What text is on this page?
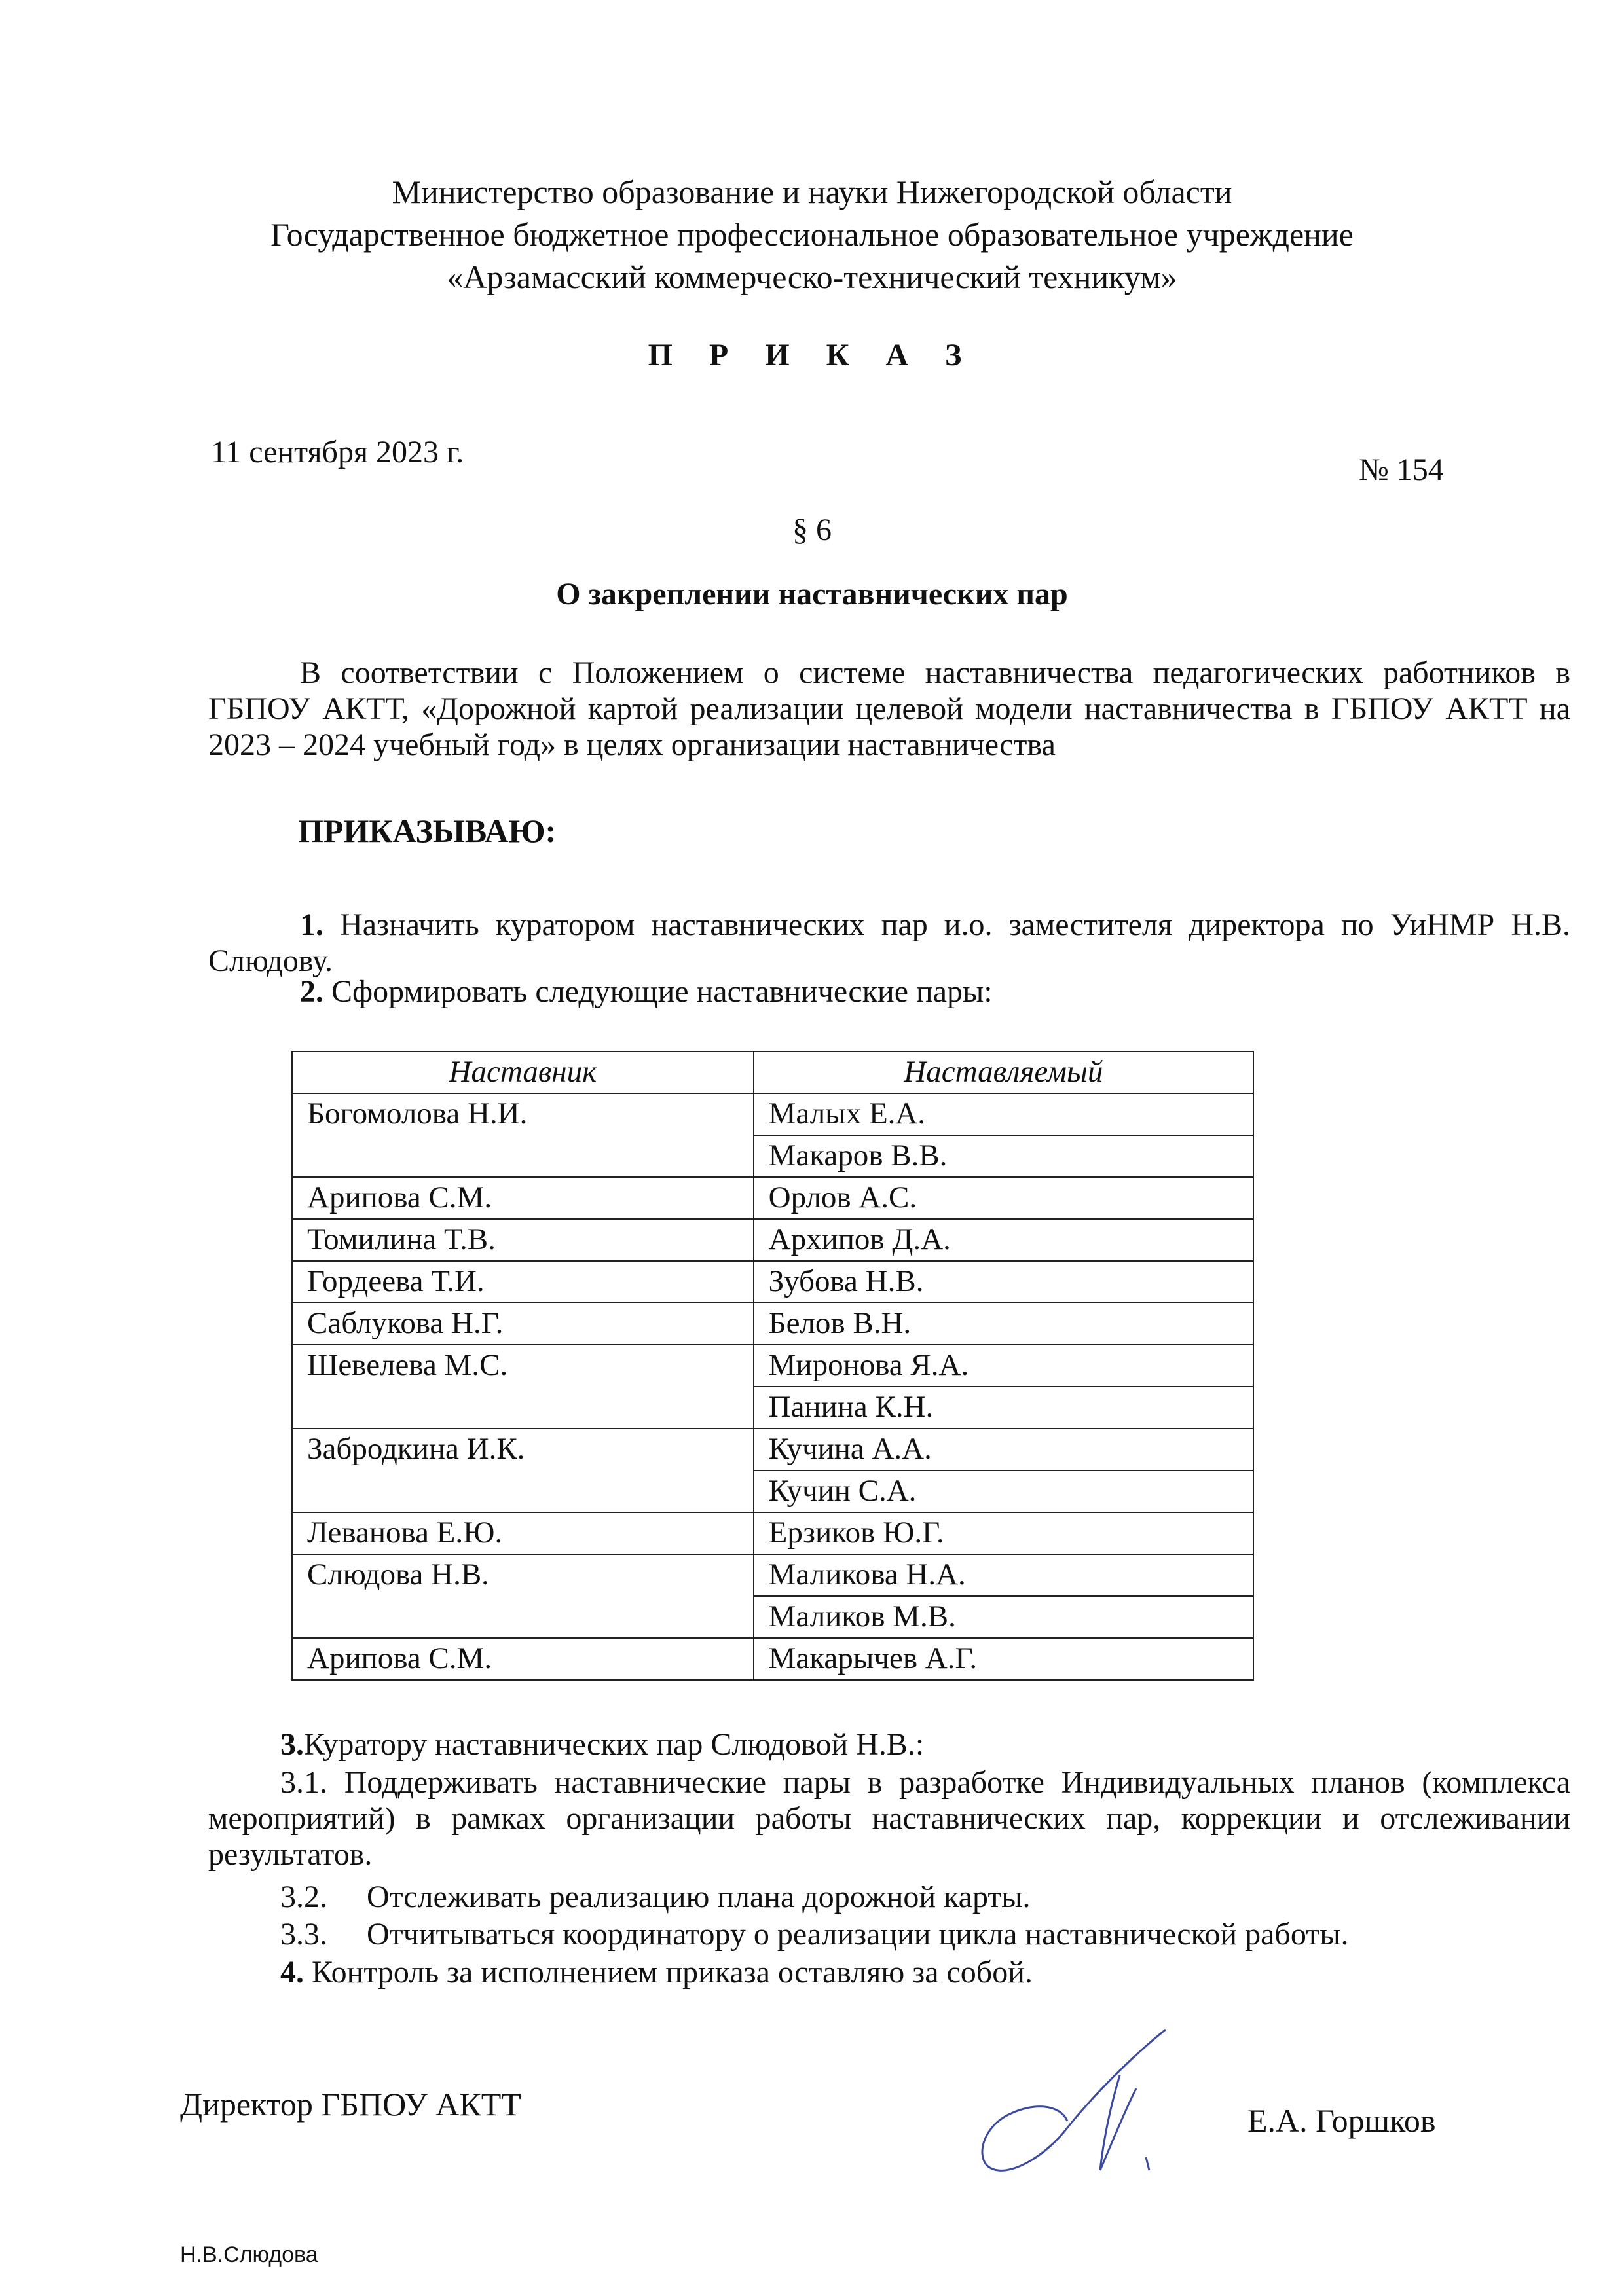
Министерство образование и науки Нижегородской области
Государственное бюджетное профессиональное образовательное учреждение
«Арзамасский коммерческо-технический техникум»
П Р И К А З
11 сентября 2023 г.
№ 154
§ 6
О закреплении наставнических пар
В соответствии с Положением о системе наставничества педагогических работников в ГБПОУ АКТТ, «Дорожной картой реализации целевой модели наставничества в ГБПОУ АКТТ на 2023 – 2024 учебный год» в целях организации наставничества
ПРИКАЗЫВАЮ:
1. Назначить куратором наставнических пар и.о. заместителя директора по УиНМР Н.В. Слюдову.
2. Сформировать следующие наставнические пары:
Наставник	Наставляемый
Богомолова Н.И.	Малых Е.А.
	Макаров В.В.
Арипова С.М.	Орлов А.С.
Томилина Т.В.	Архипов Д.А.
Гордеева Т.И.	Зубова Н.В.
Саблукова Н.Г.	Белов В.Н.
Шевелева М.С.	Миронова Я.А.
	Панина К.Н.
Забродкина И.К.	Кучина А.А.
	Кучин С.А.
Леванова Е.Ю.	Ерзиков Ю.Г.
Слюдова Н.В.	Маликова Н.А.
	Маликов М.В.
Арипова С.М.	Макарычев А.Г.
3.Куратору наставнических пар Слюдовой Н.В.:
3.1. Поддерживать наставнические пары в разработке Индивидуальных планов (комплекса мероприятий) в рамках организации работы наставнических пар, коррекции и отслеживании результатов.
3.2.     Отслеживать реализацию плана дорожной карты.
3.3.     Отчитываться координатору о реализации цикла наставнической работы.
4. Контроль за исполнением приказа оставляю за собой.
Директор ГБПОУ АКТТ	Е.А. Горшков
Н.В.Слюдова
